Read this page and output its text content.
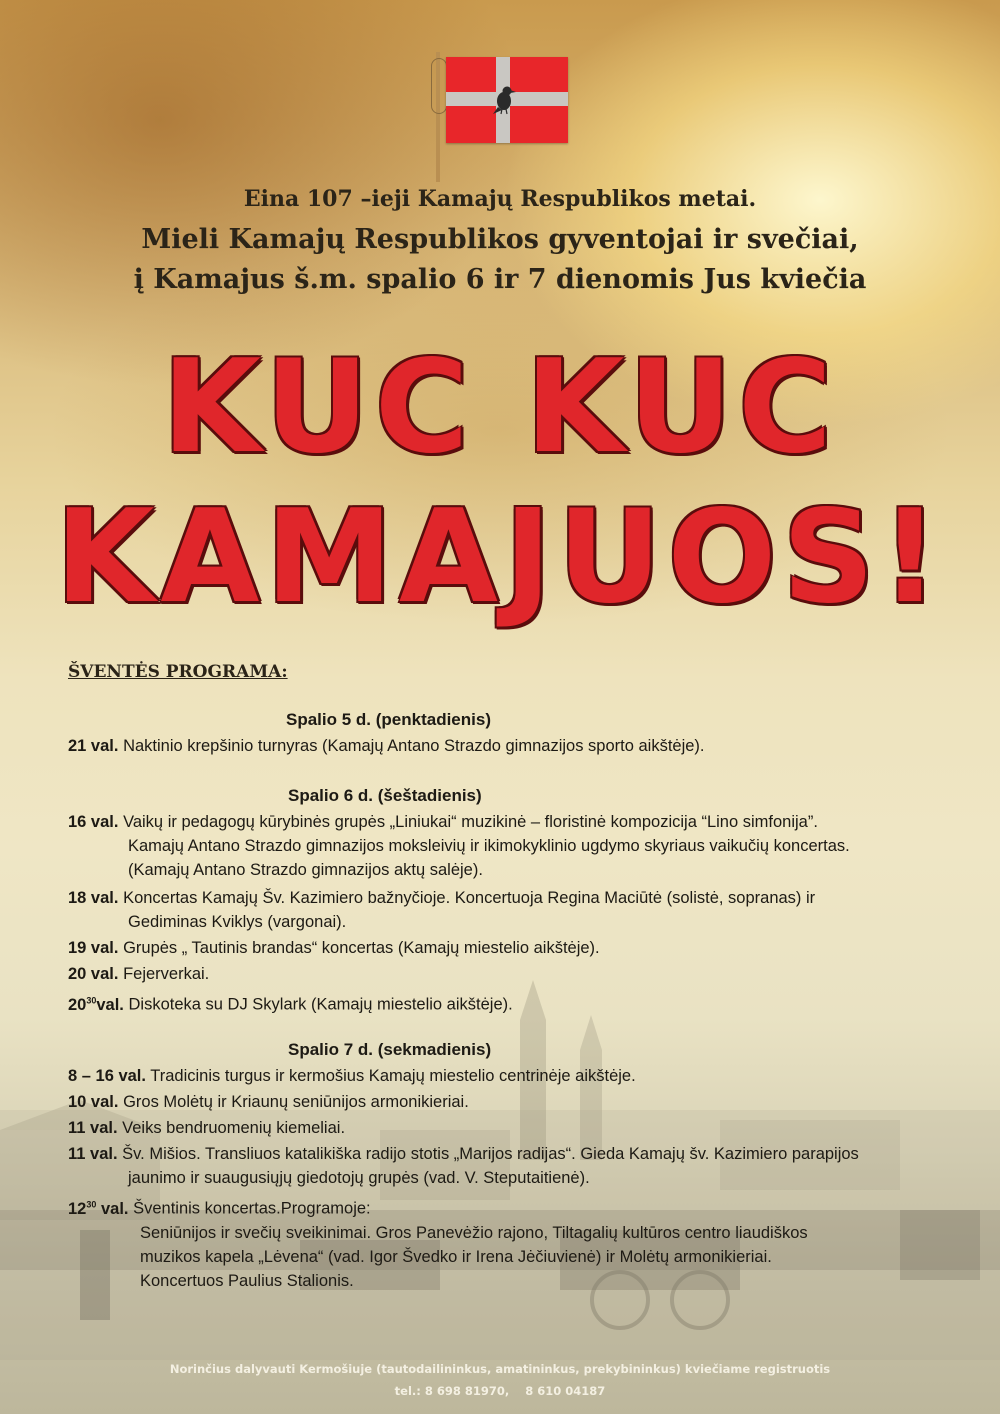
Eina 107 –ieji Kamajų Respublikos metai.
Mieli Kamajų Respublikos gyventojai ir svečiai,
į Kamajus š.m. spalio 6 ir 7 dienomis Jus kviečia
KUC KUC
KAMAJUOS!
ŠVENTĖS PROGRAMA:
Spalio 5 d. (penktadienis)
21 val. Naktinio krepšinio turnyras (Kamajų Antano Strazdo gimnazijos sporto aikštėje).
Spalio 6 d. (šeštadienis)
16 val. Vaikų ir pedagogų kūrybinės grupės „Liniukai“ muzikinė – floristinė kompozicija “Lino simfonija”.
Kamajų Antano Strazdo gimnazijos moksleivių ir ikimokyklinio ugdymo skyriaus vaikučių koncertas.
(Kamajų Antano Strazdo gimnazijos aktų salėje).
18 val. Koncertas Kamajų Šv. Kazimiero bažnyčioje. Koncertuoja Regina Maciūtė (solistė, sopranas) ir
Gediminas Kviklys (vargonai).
19 val. Grupės „ Tautinis brandas“ koncertas (Kamajų miestelio aikštėje).
20 val. Fejerverkai.
$20^{30}val$. Diskoteka su DJ Skylark (Kamajų miestelio aikštėje).
Spalio 7 d. (sekmadienis)
8 – 16 val. Tradicinis turgus ir kermošius Kamajų miestelio centrinėje aikštėje.
10 val. Gros Molėtų ir Kriaunų seniūnijos armonikieriai.
11 val. Veiks bendruomenių kiemeliai.
11 val. Šv. Mišios. Transliuos katalikiška radijo stotis „Marijos radijas“. Gieda Kamajų šv. Kazimiero parapijos
jaunimo ir suaugusiųjų giedotojų grupės (vad. V. Steputaitienė).
$12^{30}$ val. Šventinis koncertas.Programoje:
Seniūnijos ir svečių sveikinimai. Gros Panevėžio rajono, Tiltagalių kultūros centro liaudiškos
muzikos kapela „Lėvena“ (vad. Igor Švedko ir Irena Jėčiuvienė) ir Molėtų armonikieriai.
Koncertuos Paulius Stalionis.
Norinčius dalyvauti Kermošiuje (tautodailininkus, amatininkus, prekybininkus) kviečiame registruotis
tel.: 8 698 81970,    8 610 04187
